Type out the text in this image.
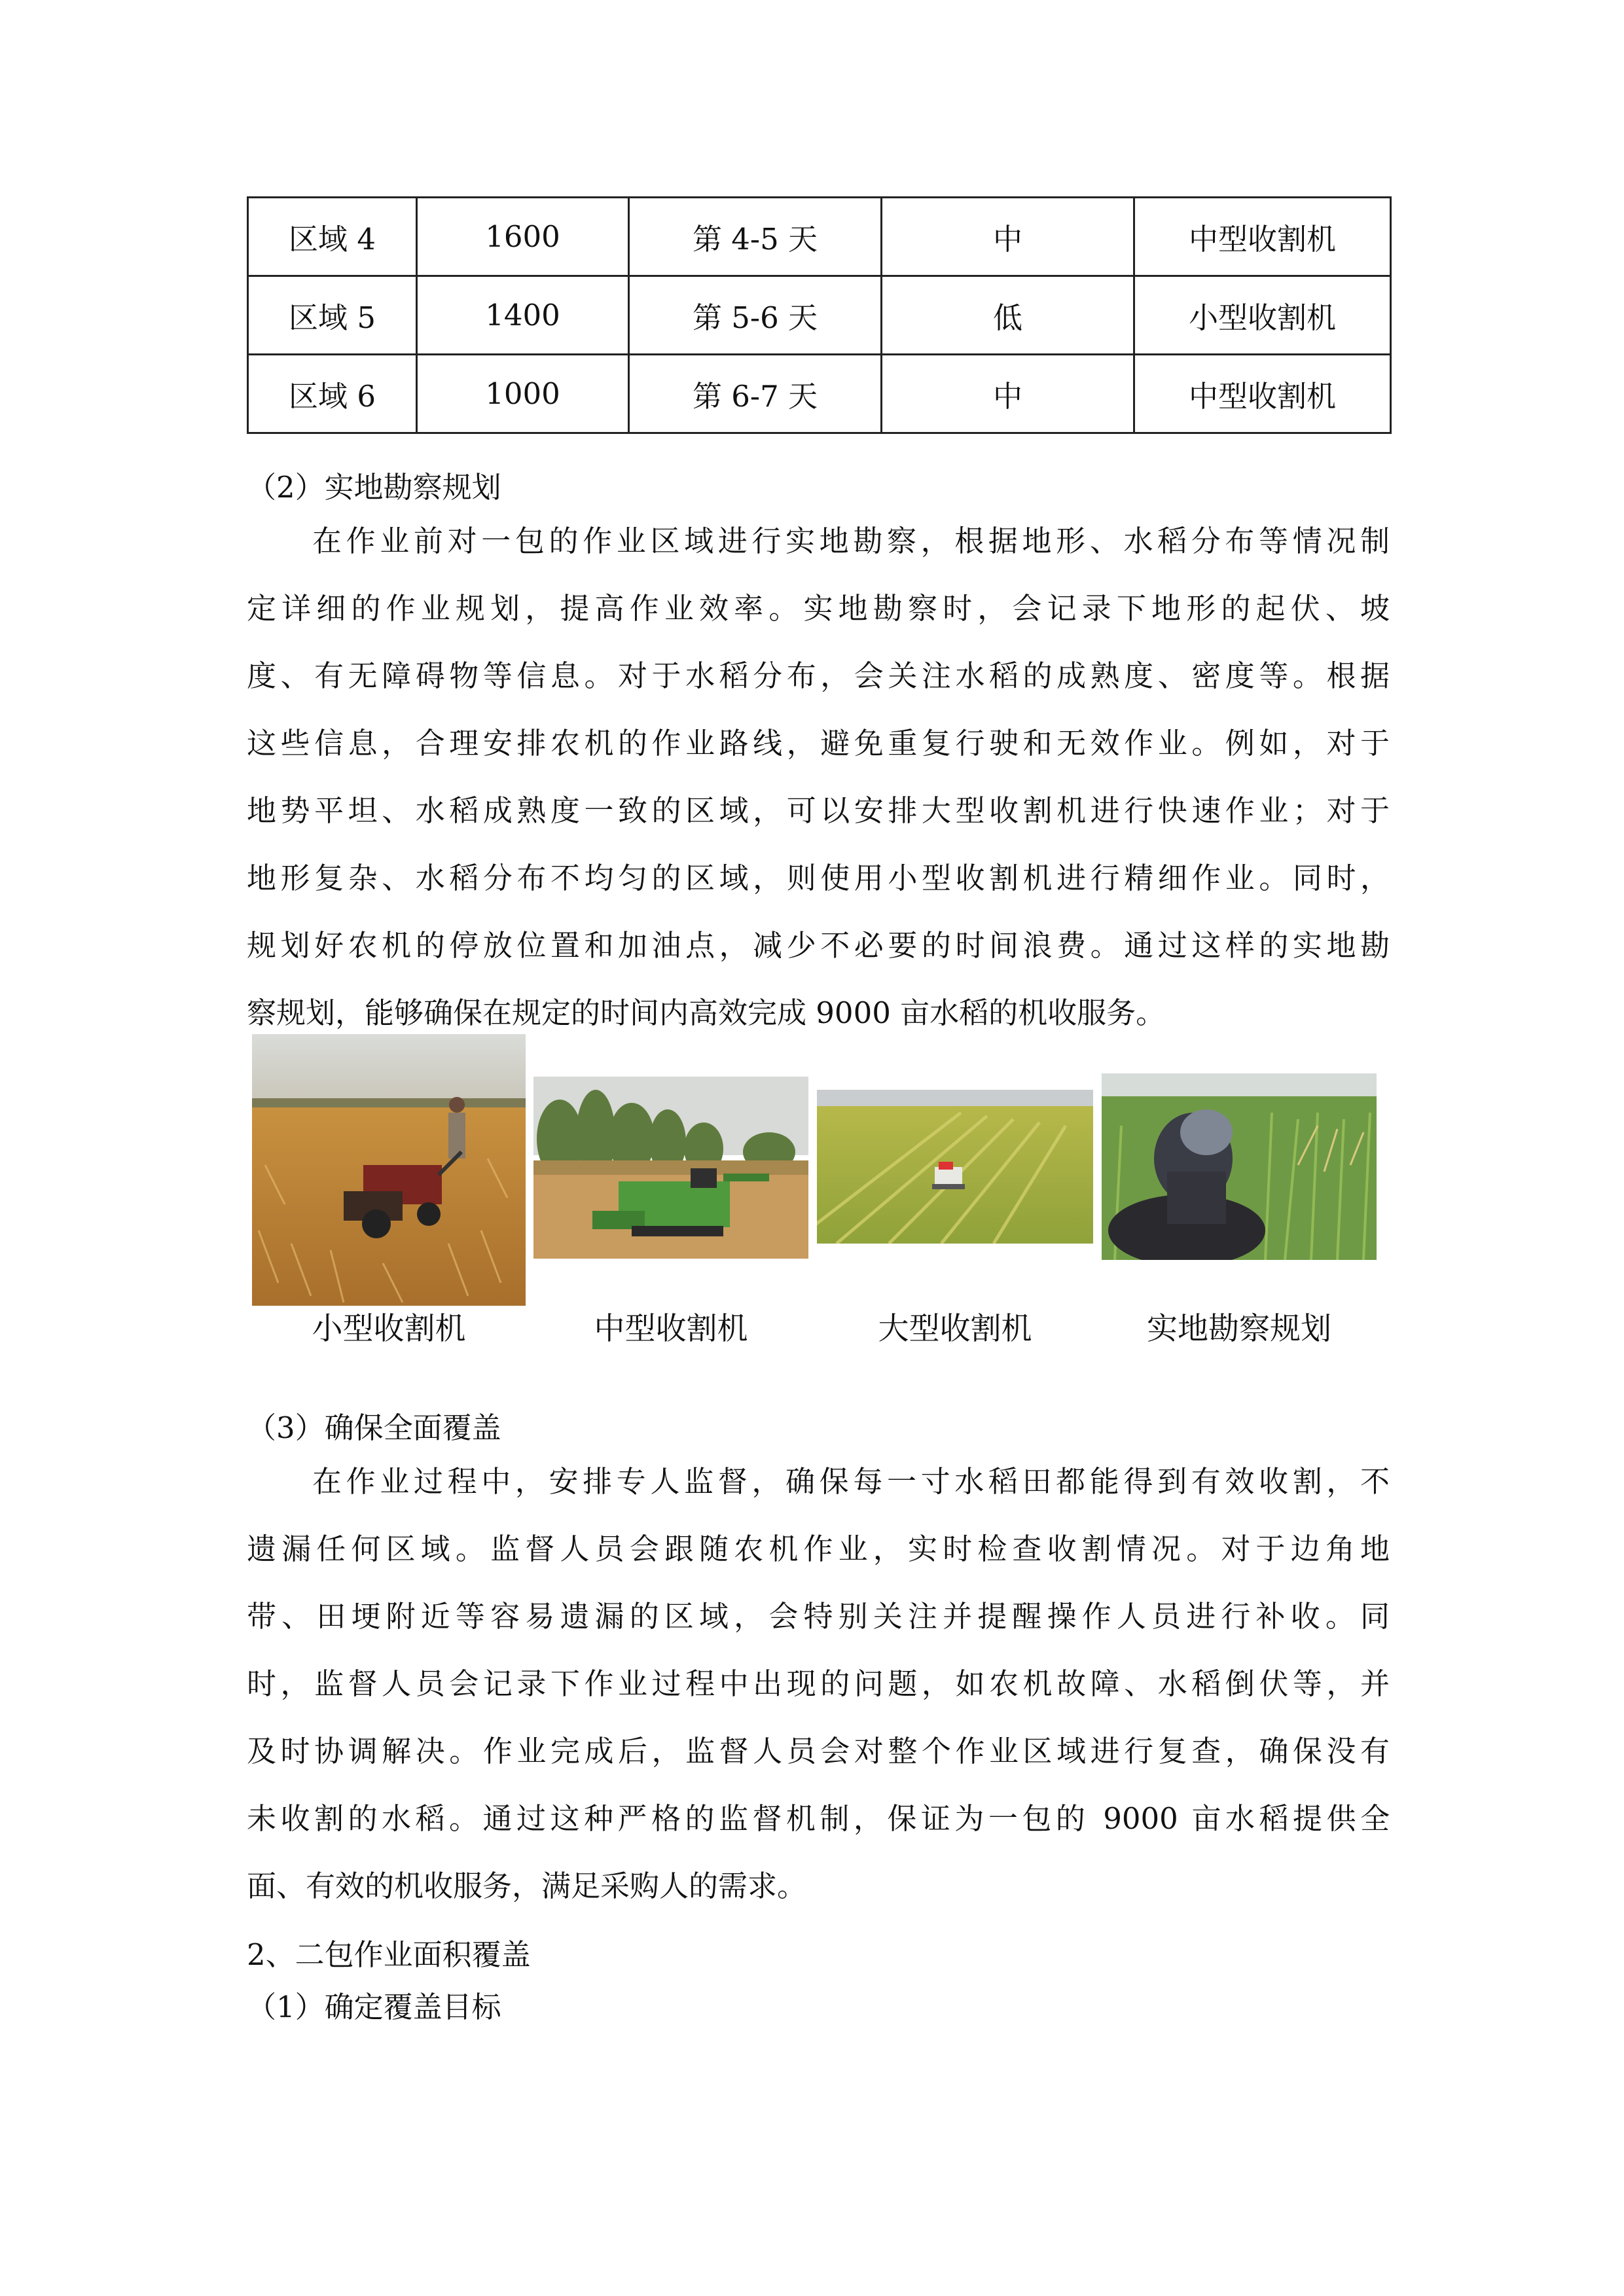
区域 4	1600	第 4-5 天	中	中型收割机
区域 5	1400	第 5-6 天	低	小型收割机
区域 6	1000	第 6-7 天	中	中型收割机
（2）实地勘察规划
在作业前对一包的作业区域进行实地勘察，根据地形、水稻分布等情况制
定详细的作业规划，提高作业效率。实地勘察时，会记录下地形的起伏、坡
度、有无障碍物等信息。对于水稻分布，会关注水稻的成熟度、密度等。根据
这些信息，合理安排农机的作业路线，避免重复行驶和无效作业。例如，对于
地势平坦、水稻成熟度一致的区域，可以安排大型收割机进行快速作业；对于
地形复杂、水稻分布不均匀的区域，则使用小型收割机进行精细作业。同时，
规划好农机的停放位置和加油点，减少不必要的时间浪费。通过这样的实地勘
察规划，能够确保在规定的时间内高效完成 9000 亩水稻的机收服务。
小型收割机	中型收割机	大型收割机	实地勘察规划
（3）确保全面覆盖
在作业过程中，安排专人监督，确保每一寸水稻田都能得到有效收割，不
遗漏任何区域。监督人员会跟随农机作业，实时检查收割情况。对于边角地
带、田埂附近等容易遗漏的区域，会特别关注并提醒操作人员进行补收。同
时，监督人员会记录下作业过程中出现的问题，如农机故障、水稻倒伏等，并
及时协调解决。作业完成后，监督人员会对整个作业区域进行复查，确保没有
未收割的水稻。通过这种严格的监督机制，保证为一包的 9000 亩水稻提供全
面、有效的机收服务，满足采购人的需求。
2、二包作业面积覆盖
（1）确定覆盖目标
